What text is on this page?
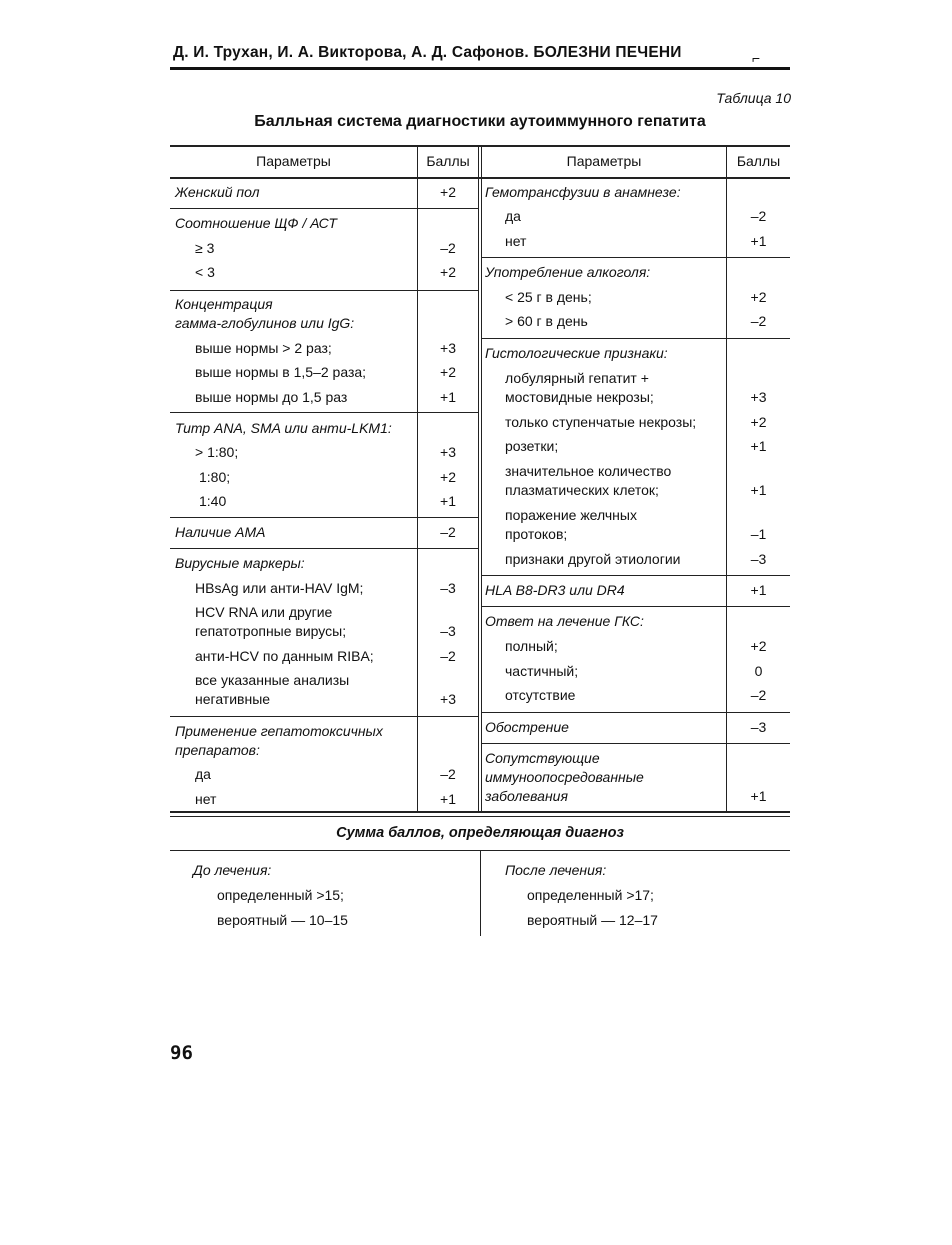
Д. И. Трухан, И. А. Викторова, А. Д. Сафонов. БОЛЕЗНИ ПЕЧЕНИ	⌐
Таблица 10
Балльная система диагностики аутоиммунного гепатита
Параметры	Баллы
Женский пол	+2
Соотношение ЩФ / АСТ
≥ 3	–2
< 3	+2
Концентрация
гамма-глобулинов или IgG:
выше нормы > 2 раз;	+3
выше нормы в 1,5–2 раза;	+2
выше нормы до 1,5 раз	+1
Титр ANA, SMA или анти-LKM1:
> 1:80;	+3
1:80;	+2
1:40	+1
Наличие АМА	–2
Вирусные маркеры:
HBsAg или анти-HAV IgM;	–3
HCV RNA или другие
гепатотропные вирусы;	–3
анти-HCV по данным RIBA;	–2
все указанные анализы
негативные	+3
Применение гепатотоксичных
препаратов:
да	–2
нет	+1
Параметры	Баллы
Гемотрансфузии в анамнезе:
да	–2
нет	+1
Употребление алкоголя:
< 25 г в день;	+2
> 60 г в день	–2
Гистологические признаки:
лобулярный гепатит +
мостовидные некрозы;	+3
только ступенчатые некрозы;	+2
розетки;	+1
значительное количество
плазматических клеток;	+1
поражение желчных
протоков;	–1
признаки другой этиологии	–3
HLA B8-DR3 или DR4	+1
Ответ на лечение ГКС:
полный;	+2
частичный;	0
отсутствие	–2
Обострение	–3
Сопутствующие
иммуноопосредованные
заболевания	+1
Сумма баллов, определяющая диагноз
До лечения:
определенный >15;
вероятный — 10–15
После лечения:
определенный >17;
вероятный — 12–17
96
